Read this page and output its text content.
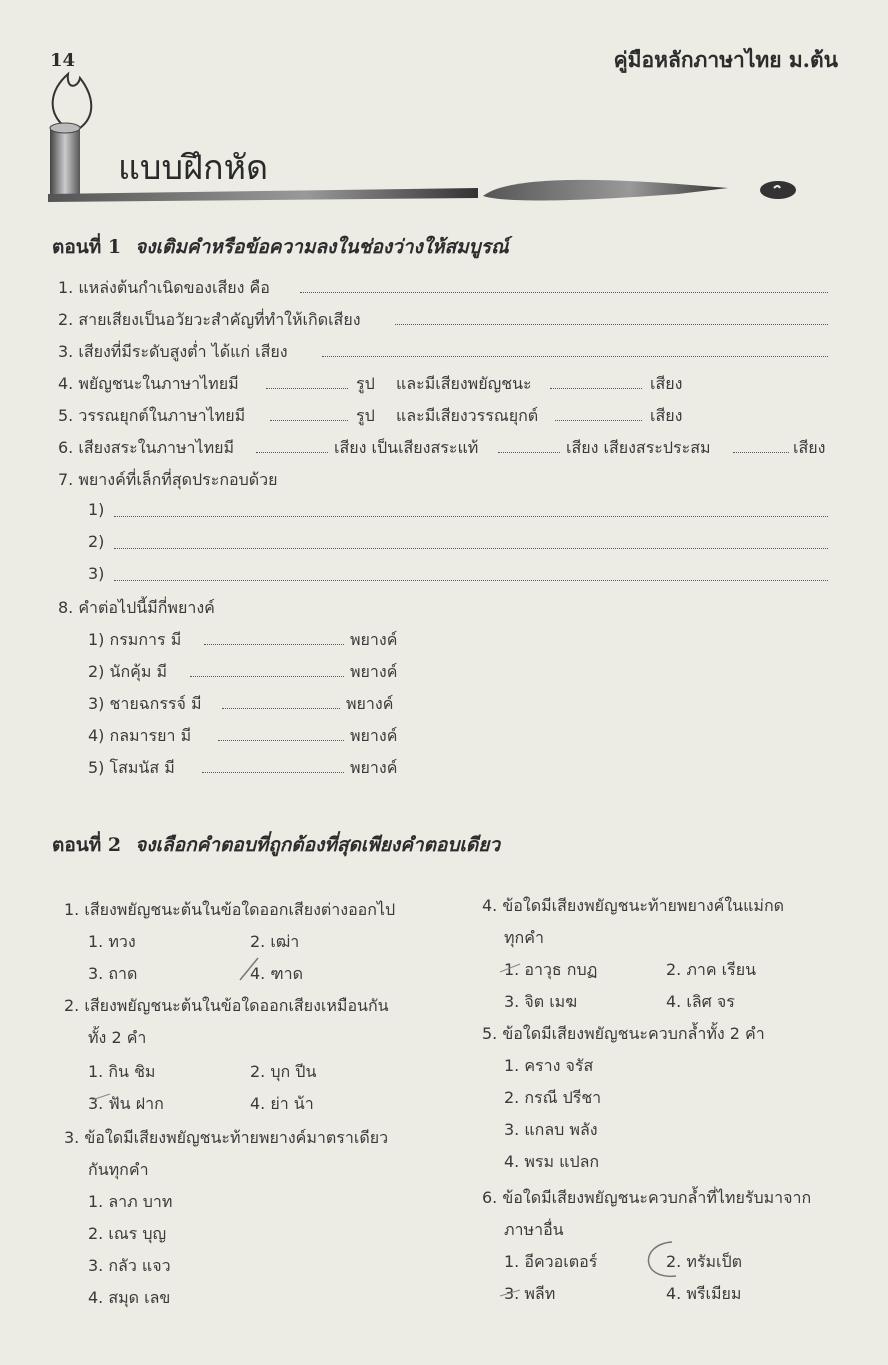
14	คู่มือหลักภาษาไทย ม.ต้น
แบบฝึกหัด
ตอนที่ 1 จงเติมคำหรือข้อความลงในช่องว่างให้สมบูรณ์
1. แหล่งต้นกำเนิดของเสียง คือ
2. สายเสียงเป็นอวัยวะสำคัญที่ทำให้เกิดเสียง
3. เสียงที่มีระดับสูงต่ำ ได้แก่ เสียง
4. พยัญชนะในภาษาไทยมี	รูป และมีเสียงพยัญชนะ	เสียง
5. วรรณยุกต์ในภาษาไทยมี	รูป และมีเสียงวรรณยุกต์	เสียง
6. เสียงสระในภาษาไทยมี	เสียง เป็นเสียงสระแท้	เสียง เสียงสระประสม	เสียง
7. พยางค์ที่เล็กที่สุดประกอบด้วย
1)
2)
3)
8. คำต่อไปนี้มีกี่พยางค์
1) กรมการ มี	พยางค์
2) นักคุ้ม มี	พยางค์
3) ชายฉกรรจ์ มี	พยางค์
4) กลมารยา มี	พยางค์
5) โสมนัส มี	พยางค์
ตอนที่ 2 จงเลือกคำตอบที่ถูกต้องที่สุดเพียงคำตอบเดียว
1. เสียงพยัญชนะต้นในข้อใดออกเสียงต่างออกไป
1. ทวง	2. เฒ่า
3. ถาด	4. ฑาด
2. เสียงพยัญชนะต้นในข้อใดออกเสียงเหมือนกัน
ทั้ง 2 คำ
1. กิน ชิม	2. บุก ปีน
3. ฟัน ฝาก	4. ย่า น้า
3. ข้อใดมีเสียงพยัญชนะท้ายพยางค์มาตราเดียว
กันทุกคำ
1. ลาภ บาท
2. เณร บุญ
3. กลัว แจว
4. สมุด เลข
4. ข้อใดมีเสียงพยัญชนะท้ายพยางค์ในแม่กด
ทุกคำ
1. อาวุธ กบฏ	2. ภาค เรียน
3. จิต เมฆ	4. เลิศ จร
5. ข้อใดมีเสียงพยัญชนะควบกล้ำทั้ง 2 คำ
1. คราง จรัส
2. กรณี ปรีชา
3. แกลบ พลัง
4. พรม แปลก
6. ข้อใดมีเสียงพยัญชนะควบกล้ำที่ไทยรับมาจาก
ภาษาอื่น
1. อีควอเตอร์	2. ทรัมเป็ต
3. พลีท	4. พรีเมียม
